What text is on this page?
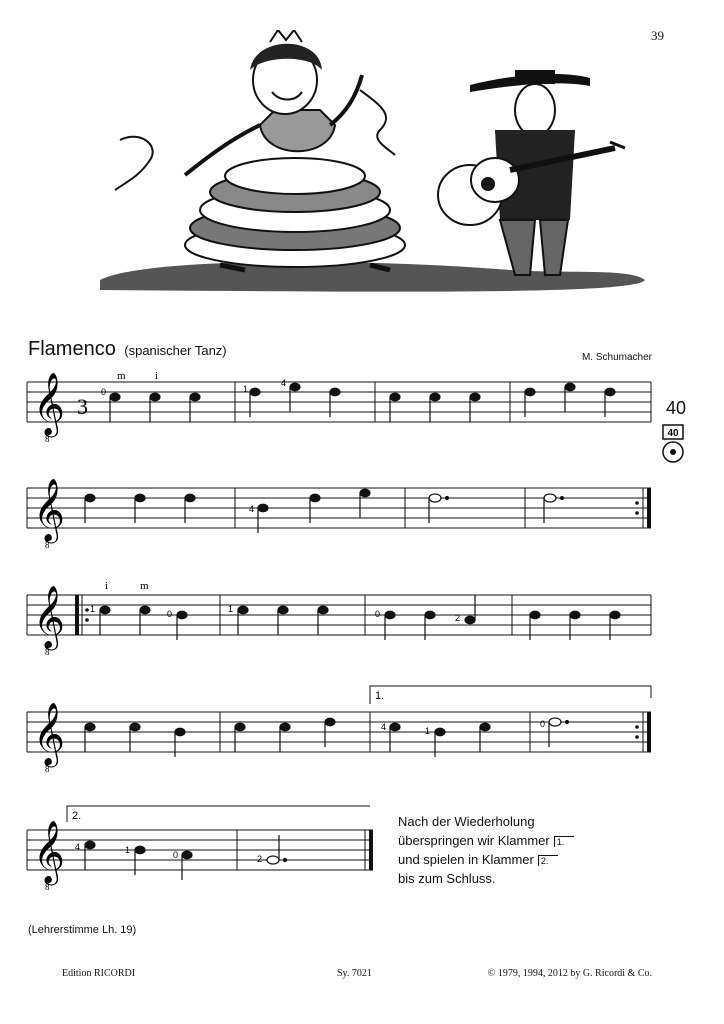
39
Flamenco (spanischer Tanz)	M. Schumacher
40
40
𝄞
8
3
m	i
0	1
4
𝄞
8
4
𝄞
8
i	m
1	0	1	0	2
1.
𝄞
8
4	1
0
2.
𝄞
8
4	1	0	2
Nach der Wiederholung
überspringen wir Klammer 1.
und spielen in Klammer 2.
bis zum Schluss.
(Lehrerstimme Lh. 19)
Edition RICORDI	Sy. 7021	© 1979, 1994, 2012 by G. Ricordi & Co.
